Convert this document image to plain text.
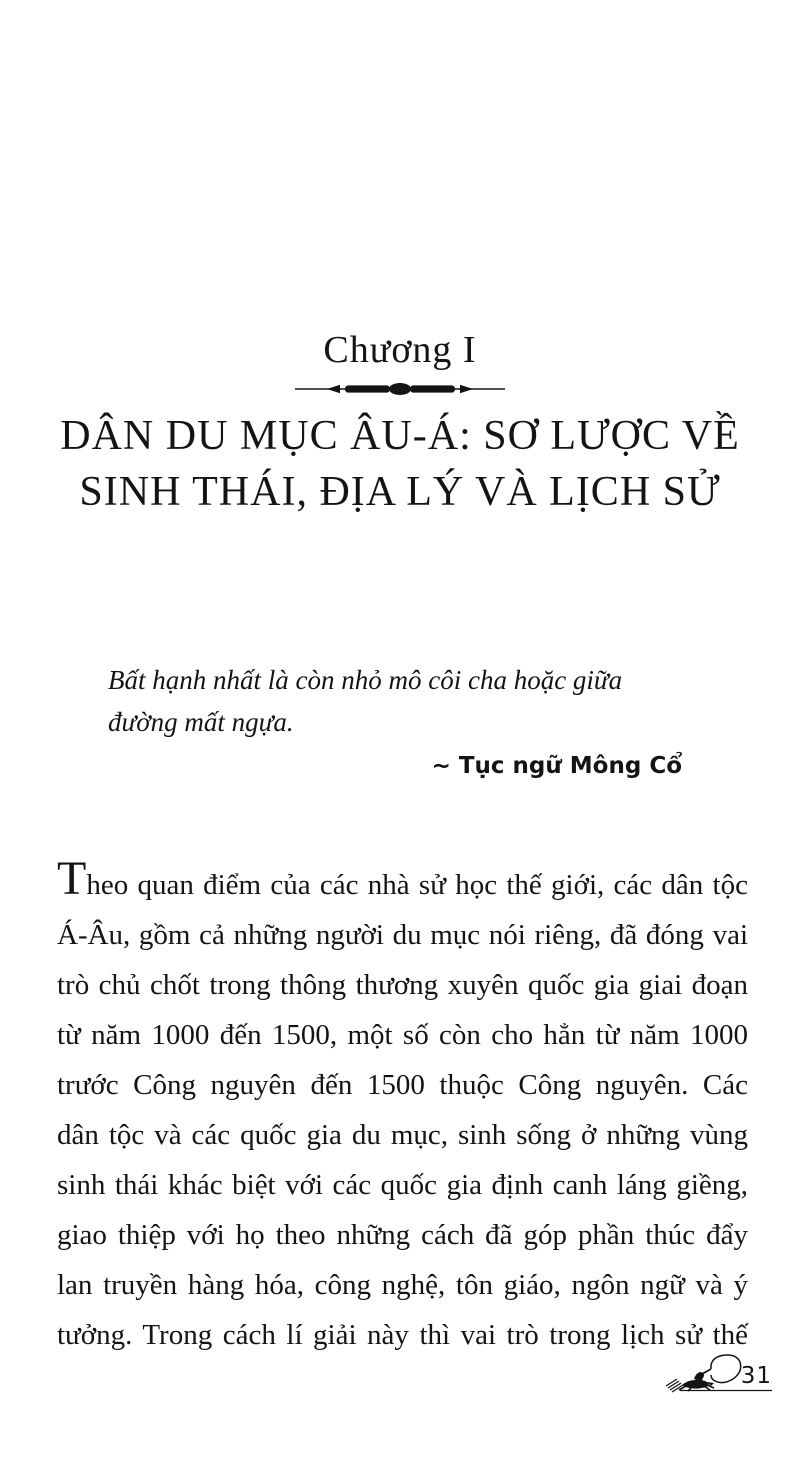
Chương I
DÂN DU MỤC ÂU-Á: SƠ LƯỢC VỀ
SINH THÁI, ĐỊA LÝ VÀ LỊCH SỬ
Bất hạnh nhất là còn nhỏ mô côi cha hoặc giữa
đường mất ngựa.
~ Tục ngữ Mông Cổ
Theo quan điểm của các nhà sử học thế giới, các dân tộc
Á-Âu, gồm cả những người du mục nói riêng, đã đóng vai
trò chủ chốt trong thông thương xuyên quốc gia giai đoạn
từ năm 1000 đến 1500, một số còn cho hẳn từ năm 1000
trước Công nguyên đến 1500 thuộc Công nguyên. Các
dân tộc và các quốc gia du mục, sinh sống ở những vùng
sinh thái khác biệt với các quốc gia định canh láng giềng,
giao thiệp với họ theo những cách đã góp phần thúc đẩy
lan truyền hàng hóa, công nghệ, tôn giáo, ngôn ngữ và ý
tưởng. Trong cách lí giải này thì vai trò trong lịch sử thế
31
